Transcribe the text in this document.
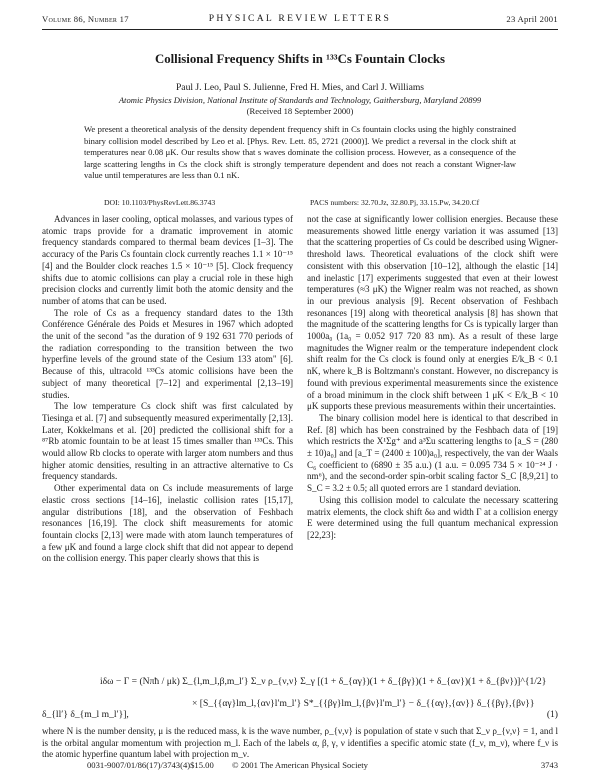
Volume 86, Number 17	PHYSICAL REVIEW LETTERS	23 April 2001
Collisional Frequency Shifts in ¹³³Cs Fountain Clocks
Paul J. Leo, Paul S. Julienne, Fred H. Mies, and Carl J. Williams
Atomic Physics Division, National Institute of Standards and Technology, Gaithersburg, Maryland 20899
(Received 18 September 2000)
We present a theoretical analysis of the density dependent frequency shift in Cs fountain clocks using the highly constrained binary collision model described by Leo et al. [Phys. Rev. Lett. 85, 2721 (2000)]. We predict a reversal in the clock shift at temperatures near 0.08 μK. Our results show that s waves dominate the collision process. However, as a consequence of the large scattering lengths in Cs the clock shift is strongly temperature dependent and does not reach a constant Wigner-law value until temperatures are less than 0.1 nK.
DOI: 10.1103/PhysRevLett.86.3743	PACS numbers: 32.70.Jz, 32.80.Pj, 33.15.Pw, 34.20.Cf

Advances in laser cooling, optical molasses, and various types of atomic traps provide for a dramatic improvement in atomic frequency standards compared to thermal beam devices [1–3]. The accuracy of the Paris Cs fountain clock currently reaches 1.1 × 10⁻¹⁵ [4] and the Boulder clock reaches 1.5 × 10⁻¹⁵ [5]. Clock frequency shifts due to atomic collisions can play a crucial role in these high precision clocks and currently limit both the atomic density and the number of atoms that can be used.

The role of Cs as a frequency standard dates to the 13th Conférence Générale des Poids et Mesures in 1967 which adopted the unit of the second "as the duration of 9 192 631 770 periods of the radiation corresponding to the transition between the two hyperfine levels of the ground state of the Cesium 133 atom" [6]. Because of this, ultracold ¹³³Cs atomic collisions have been the subject of many theoretical [7–12] and experimental [2,13–19] studies.

The low temperature Cs clock shift was first calculated by Tiesinga et al. [7] and subsequently measured experimentally [2,13]. Later, Kokkelmans et al. [20] predicted the collisional shift for a ⁸⁷Rb atomic fountain to be at least 15 times smaller than ¹³³Cs. This would allow Rb clocks to operate with larger atom numbers and thus higher atomic densities, resulting in an attractive alternative to Cs frequency standards.

Other experimental data on Cs include measurements of large elastic cross sections [14–16], inelastic collision rates [15,17], angular distributions [18], and the observation of Feshbach resonances [16,19]. The clock shift measurements for atomic fountain clocks [2,13] were made with atom launch temperatures of a few μK and found a large clock shift that did not appear to depend on the collision energy. This paper clearly shows that this is

not the case at significantly lower collision energies. Because these measurements showed little energy variation it was assumed [13] that the scattering properties of Cs could be described using Wigner-threshold laws. Theoretical evaluations of the clock shift were consistent with this observation [10–12], although the elastic [14] and inelastic [17] experiments suggested that even at their lowest temperatures (≈3 μK) the Wigner realm was not reached, as shown in our previous analysis [9]. Recent observation of Feshbach resonances [19] along with theoretical analysis [8] has shown that the magnitude of the scattering lengths for Cs is typically larger than 1000a₀ (1a₀ = 0.052 917 720 83 nm). As a result of these large magnitudes the Wigner realm or the temperature independent clock shift realm for the Cs clock is found only at energies E/k_B < 0.1 nK, where k_B is Boltzmann's constant. However, no discrepancy is found with previous experimental measurements since the existence of a broad minimum in the clock shift between 1 μK < E/k_B < 10 μK supports these previous measurements within their uncertainties.

The binary collision model here is identical to that described in Ref. [8] which has been constrained by the Feshbach data of [19] which restricts the X¹Σg⁺ and a³Σu scattering lengths to [a_S = (280 ± 10)a₀] and [a_T = (2400 ± 100)a₀], respectively, the van der Waals C₆ coefficient to (6890 ± 35 a.u.) (1 a.u. = 0.095 734 5 × 10⁻²⁴ J · nm⁶), and the second-order spin-orbit scaling factor S_C [8,9,21] to S_C = 3.2 ± 0.5; all quoted errors are 1 standard deviation.

Using this collision model to calculate the necessary scattering matrix elements, the clock shift δω and width Γ at a collision energy E were determined using the full quantum mechanical expression [22,23]:

iδω − Γ = (Nπħ / μk) Σ_{l,m_l,β,m_l′} Σ_ν ρ_{ν,ν} Σ_γ [(1 + δ_{αγ})(1 + δ_{βγ})(1 + δ_{αν})(1 + δ_{βν})]^{1/2}
× [S_{{αγ}lm_l,{αν}l′m_l′} S*_{{βγ}lm_l,{βν}l′m_l′} − δ_{{αγ},{αν}} δ_{{βγ},{βν}} δ_{ll′} δ_{m_l m_l′}],	(1)
where N is the number density, μ is the reduced mass, k is the wave number, ρ_{ν,ν} is population of state ν such that Σ_ν ρ_{ν,ν} = 1, and l is the orbital angular momentum with projection m_l. Each of the labels α, β, γ, ν identifies a specific atomic state (f_ν, m_ν), where f_ν is the atomic hyperfine quantum label with projection m_ν.
0031-9007/01/86(17)/3743(4)$15.00	© 2001 The American Physical Society	3743
